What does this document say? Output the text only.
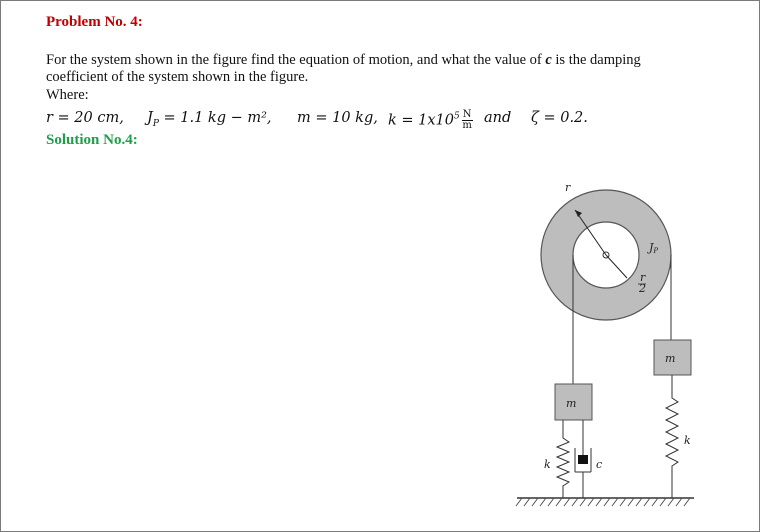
Problem No. 4:
For the system shown in the figure find the equation of motion, and what the value of c is the damping coefficient of the system shown in the figure.
Where:
r = 20 cm, $J_P = 1.1$ kg − m², m = 10 kg, $k = 1x10^5 \frac{N}{m}$ and ζ = 0.2.
Solution No.4:
r
JP
r
2
m
m
k
k	c
